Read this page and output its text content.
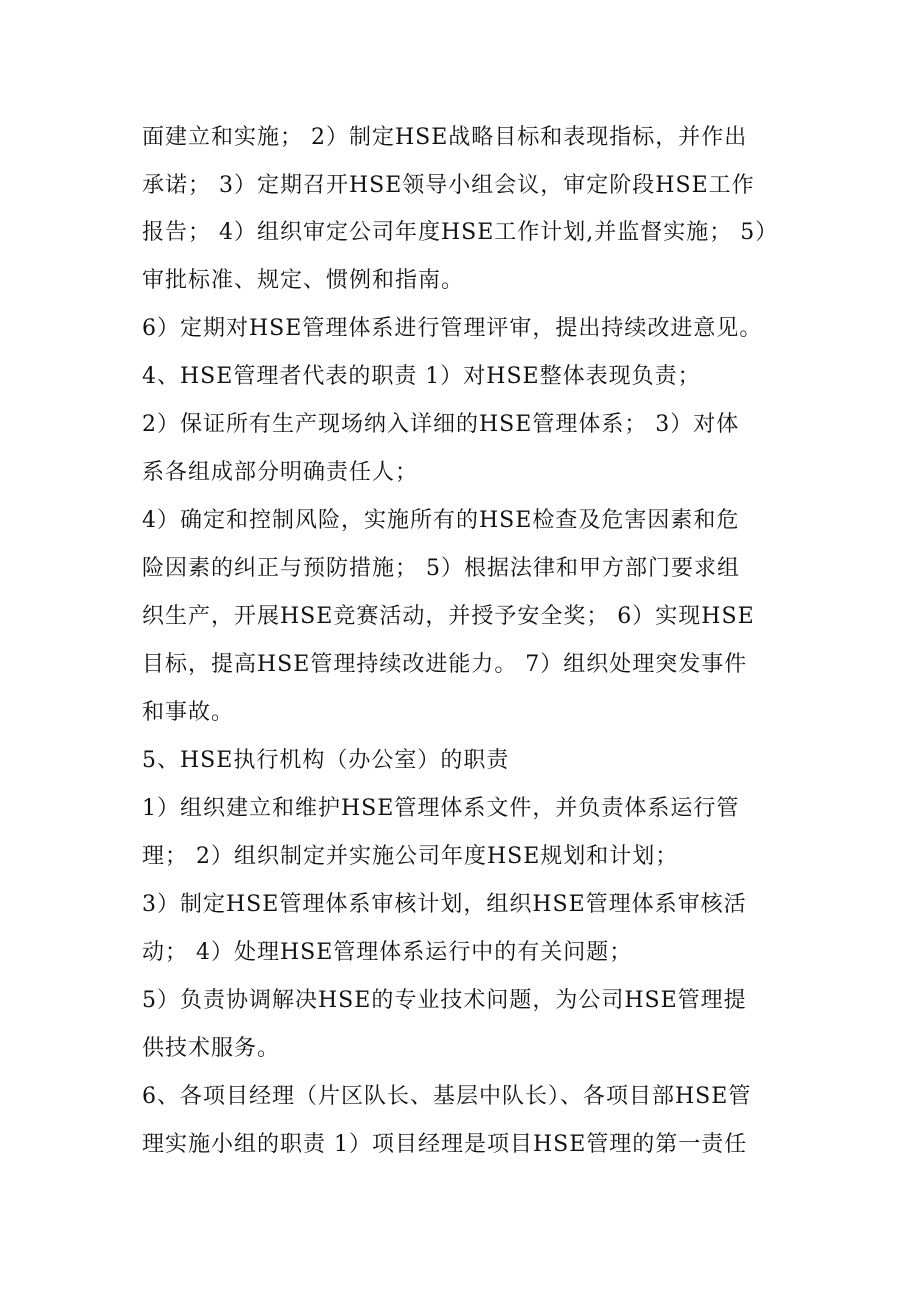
面建立和实施； 2）制定HSE战略目标和表现指标，并作出
承诺； 3）定期召开HSE领导小组会议，审定阶段HSE工作
报告； 4）组织审定公司年度HSE工作计划,并监督实施； 5）
审批标准、规定、惯例和指南。
6）定期对HSE管理体系进行管理评审，提出持续改进意见。
4、HSE管理者代表的职责 1）对HSE整体表现负责；
2）保证所有生产现场纳入详细的HSE管理体系； 3）对体
系各组成部分明确责任人；
4）确定和控制风险，实施所有的HSE检查及危害因素和危
险因素的纠正与预防措施； 5）根据法律和甲方部门要求组
织生产，开展HSE竞赛活动，并授予安全奖； 6）实现HSE
目标，提高HSE管理持续改进能力。 7）组织处理突发事件
和事故。
5、HSE执行机构（办公室）的职责
1）组织建立和维护HSE管理体系文件，并负责体系运行管
理； 2）组织制定并实施公司年度HSE规划和计划；
3）制定HSE管理体系审核计划，组织HSE管理体系审核活
动； 4）处理HSE管理体系运行中的有关问题；
5）负责协调解决HSE的专业技术问题，为公司HSE管理提
供技术服务。
6、各项目经理（片区队长、基层中队长）、各项目部HSE管
理实施小组的职责 1）项目经理是项目HSE管理的第一责任
